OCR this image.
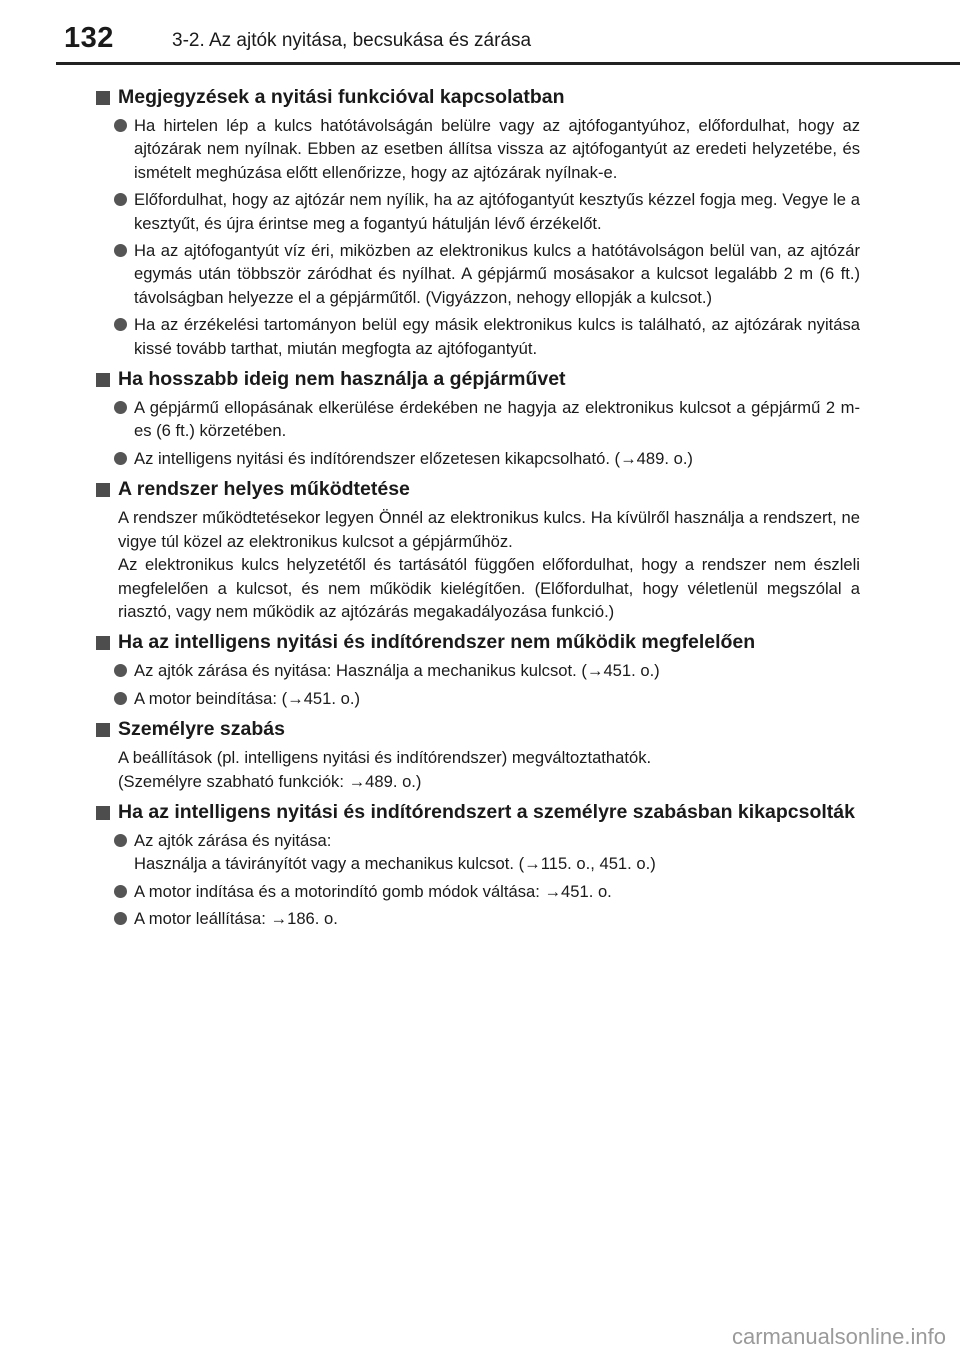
132	3-2. Az ajtók nyitása, becsukása és zárása
Megjegyzések a nyitási funkcióval kapcsolatban
Ha hirtelen lép a kulcs hatótávolságán belülre vagy az ajtófogantyúhoz, előfordulhat, hogy az ajtózárak nem nyílnak. Ebben az esetben állítsa vissza az ajtófogantyút az eredeti helyzetébe, és ismételt meghúzása előtt ellenőrizze, hogy az ajtózárak nyílnak-e.
Előfordulhat, hogy az ajtózár nem nyílik, ha az ajtófogantyút kesztyűs kézzel fogja meg. Vegye le a kesztyűt, és újra érintse meg a fogantyú hátulján lévő érzékelőt.
Ha az ajtófogantyút víz éri, miközben az elektronikus kulcs a hatótávolságon belül van, az ajtózár egymás után többször záródhat és nyílhat. A gépjármű mosásakor a kulcsot legalább 2 m (6 ft.) távolságban helyezze el a gépjárműtől. (Vigyázzon, nehogy ellopják a kulcsot.)
Ha az érzékelési tartományon belül egy másik elektronikus kulcs is található, az ajtózárak nyitása kissé tovább tarthat, miután megfogta az ajtófogantyút.
Ha hosszabb ideig nem használja a gépjárművet
A gépjármű ellopásának elkerülése érdekében ne hagyja az elektronikus kulcsot a gépjármű 2 m-es (6 ft.) körzetében.
Az intelligens nyitási és indítórendszer előzetesen kikapcsolható. (→489. o.)
A rendszer helyes működtetése
A rendszer működtetésekor legyen Önnél az elektronikus kulcs. Ha kívülről használja a rendszert, ne vigye túl közel az elektronikus kulcsot a gépjárműhöz.
Az elektronikus kulcs helyzetétől és tartásától függően előfordulhat, hogy a rendszer nem észleli megfelelően a kulcsot, és nem működik kielégítően. (Előfordulhat, hogy véletlenül megszólal a riasztó, vagy nem működik az ajtózárás megakadályozása funkció.)
Ha az intelligens nyitási és indítórendszer nem működik megfelelően
Az ajtók zárása és nyitása: Használja a mechanikus kulcsot. (→451. o.)
A motor beindítása: (→451. o.)
Személyre szabás
A beállítások (pl. intelligens nyitási és indítórendszer) megváltoztathatók.
(Személyre szabható funkciók: →489. o.)
Ha az intelligens nyitási és indítórendszert a személyre szabásban kikapcsolták
Az ajtók zárása és nyitása:
Használja a távirányítót vagy a mechanikus kulcsot. (→115. o., 451. o.)
A motor indítása és a motorindító gomb módok váltása: →451. o.
A motor leállítása: →186. o.
carmanualsonline.info
